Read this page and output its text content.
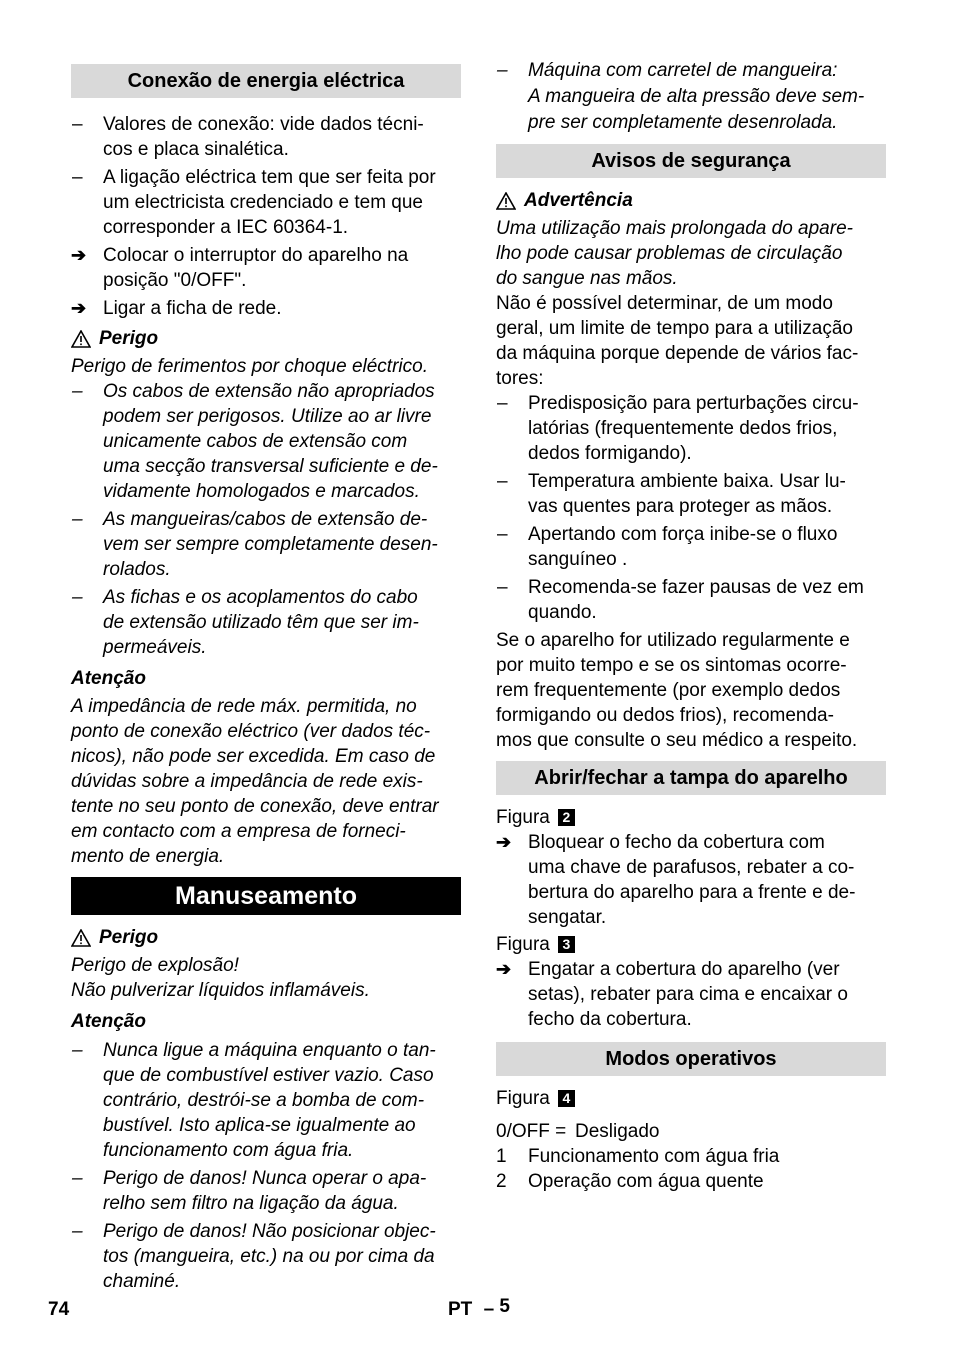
Conexão de energia eléctrica
–	Valores de conexão: vide dados técni-
cos e placa sinalética.

–	A ligação eléctrica tem que ser feita por
um electricista credenciado e tem que
corresponder a IEC 60364-1.

➔ Colocar o interruptor do aparelho na
posição "0/OFF".

➔ Ligar a ficha de rede.

Perigo

Perigo de ferimentos por choque eléctrico.

–	Os cabos de extensão não apropriados
podem ser perigosos. Utilize ao ar livre
unicamente cabos de extensão com
uma secção transversal suficiente e de-
vidamente homologados e marcados.

–	As mangueiras/cabos de extensão de-
vem ser sempre completamente desen-
rolados.

–	As fichas e os acoplamentos do cabo
de extensão utilizado têm que ser im-
permeáveis.

Atenção

A impedância de rede máx. permitida, no
ponto de conexão eléctrico (ver dados téc-
nicos), não pode ser excedida. Em caso de
dúvidas sobre a impedância de rede exis-
tente no seu ponto de conexão, deve entrar
em contacto com a empresa de forneci-
mento de energia.

Manuseamento
Perigo

Perigo de explosão!
Não pulverizar líquidos inflamáveis.

Atenção

–	Nunca ligue a máquina enquanto o tan-
que de combustível estiver vazio. Caso
contrário, destrói-se a bomba de com-
bustível. Isto aplica-se igualmente ao
funcionamento com água fria.

–	Perigo de danos! Nunca operar o apa-
relho sem filtro na ligação da água.

–	Perigo de danos! Não posicionar objec-
tos (mangueira, etc.) na ou por cima da
chaminé.

–	Máquina com carretel de mangueira:
A mangueira de alta pressão deve sem-
pre ser completamente desenrolada.

Avisos de segurança
Advertência

Uma utilização mais prolongada do apare-
lho pode causar problemas de circulação
do sangue nas mãos.

Não é possível determinar, de um modo
geral, um limite de tempo para a utilização
da máquina porque depende de vários fac-
tores:

–	Predisposição para perturbações circu-
latórias (frequentemente dedos frios,
dedos formigando).

–	Temperatura ambiente baixa. Usar lu-
vas quentes para proteger as mãos.

–	Apertando com força inibe-se o fluxo
sanguíneo .

–	Recomenda-se fazer pausas de vez em
quando.

Se o aparelho for utilizado regularmente e
por muito tempo e se os sintomas ocorre-
rem frequentemente (por exemplo dedos
formigando ou dedos frios), recomenda-
mos que consulte o seu médico a respeito.

Abrir/fechar a tampa do aparelho
Figura 2
➔ Bloquear o fecho da cobertura com
uma chave de parafusos, rebater a co-
bertura do aparelho para a frente e de-
sengatar.

Figura 3
➔ Engatar a cobertura do aparelho (ver
setas), rebater para cima e encaixar o
fecho da cobertura.

Modos operativos
Figura 4
0/OFF = Desligado
1	Funcionamento com água fria
2	Operação com água quente
74	PT – 5
